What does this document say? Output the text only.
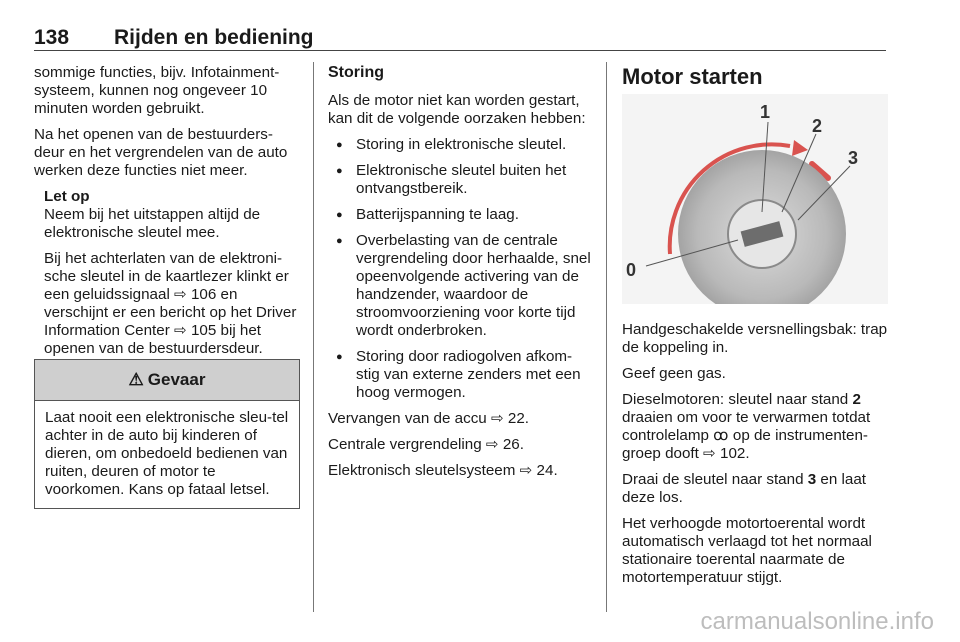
138 Rijden en bediening

sommige functies, bijv. Infotainment-systeem, kunnen nog ongeveer 10 minuten worden gebruikt.

Na het openen van de bestuurders-deur en het vergrendelen van de auto werken deze functies niet meer.

Let op

Neem bij het uitstappen altijd de elektronische sleutel mee.

Bij het achterlaten van de elektroni-sche sleutel in de kaartlezer klinkt er een geluidssignaal ⇨ 106 en verschijnt er een bericht op het Driver Information Center ⇨ 105 bij het openen van de bestuurdersdeur.

⚠ Gevaar
Laat nooit een elektronische sleu-tel achter in de auto bij kinderen of dieren, om onbedoeld bedienen van ruiten, deuren of motor te voorkomen. Kans op fataal letsel.
Storing

Als de motor niet kan worden gestart, kan dit de volgende oorzaken hebben:

● Storing in elektronische sleutel.
● Elektronische sleutel buiten het ontvangstbereik.
● Batterijspanning te laag.
● Overbelasting van de centrale vergrendeling door herhaalde, snel opeenvolgende activering van de handzender, waardoor de stroomvoorziening voor korte tijd wordt onderbroken.
● Storing door radiogolven afkom-stig van externe zenders met een hoog vermogen.

Vervangen van de accu ⇨ 22.

Centrale vergrendeling ⇨ 26.

Elektronisch sleutelsysteem ⇨ 24.

Motor starten
0
1
2
3

Handgeschakelde versnellingsbak: trap de koppeling in.

Geef geen gas.

Dieselmotoren: sleutel naar stand 2 draaien om voor te verwarmen totdat controlelamp ꝏ op de instrumenten-groep dooft ⇨ 102.

Draai de sleutel naar stand 3 en laat deze los.

Het verhoogde motortoerental wordt automatisch verlaagd tot het normaal stationaire toerental naarmate de motortemperatuur stijgt.

carmanualsonline.info
